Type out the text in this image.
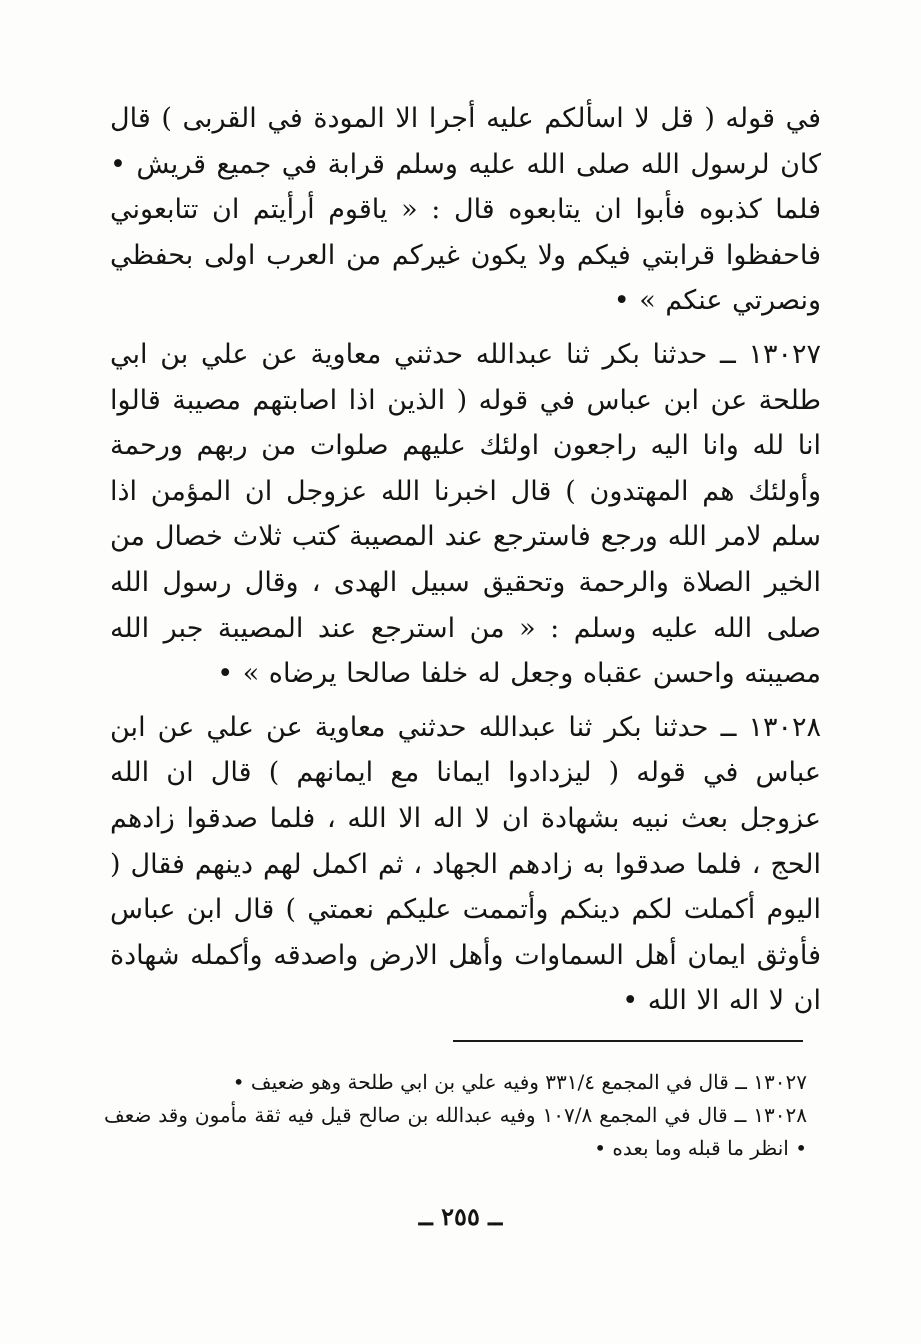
في قوله ( قل لا اسألكم عليه أجرا الا المودة في القربى ) قال كان لرسول الله صلى الله عليه وسلم قرابة في جميع قريش • فلما كذبوه فأبوا ان يتابعوه قال : « ياقوم أرأيتم ان تتابعوني فاحفظوا قرابتي فيكم ولا يكون غيركم من العرب اولى بحفظي ونصرتي عنكم » •

١٣٠٢٧ ــ حدثنا بكر ثنا عبدالله حدثني معاوية عن علي بن ابي طلحة عن ابن عباس في قوله ( الذين اذا اصابتهم مصيبة قالوا انا لله وانا اليه راجعون اولئك عليهم صلوات من ربهم ورحمة وأولئك هم المهتدون ) قال اخبرنا الله عزوجل ان المؤمن اذا سلم لامر الله ورجع فاسترجع عند المصيبة كتب ثلاث خصال من الخير الصلاة والرحمة وتحقيق سبيل الهدى ، وقال رسول الله صلى الله عليه وسلم : « من استرجع عند المصيبة جبر الله مصيبته واحسن عقباه وجعل له خلفا صالحا يرضاه » •

١٣٠٢٨ ــ حدثنا بكر ثنا عبدالله حدثني معاوية عن علي عن ابن عباس في قوله ( ليزدادوا ايمانا مع ايمانهم ) قال ان الله عزوجل بعث نبيه بشهادة ان لا اله الا الله ، فلما صدقوا زادهم الحج ، فلما صدقوا به زادهم الجهاد ، ثم اكمل لهم دينهم فقال ( اليوم أكملت لكم دينكم وأتممت عليكم نعمتي ) قال ابن عباس فأوثق ايمان أهل السماوات وأهل الارض واصدقه وأكمله شهادة ان لا اله الا الله •

١٣٠٢٧ ــ قال في المجمع ٣٣١/٤ وفيه علي بن ابي طلحة وهو ضعيف •

١٣٠٢٨ ــ قال في المجمع ١٠٧/٨ وفيه عبدالله بن صالح قيل فيه ثقة مأمون وقد ضعف • انظر ما قبله وما بعده •

ــ ٢٥٥ ــ
